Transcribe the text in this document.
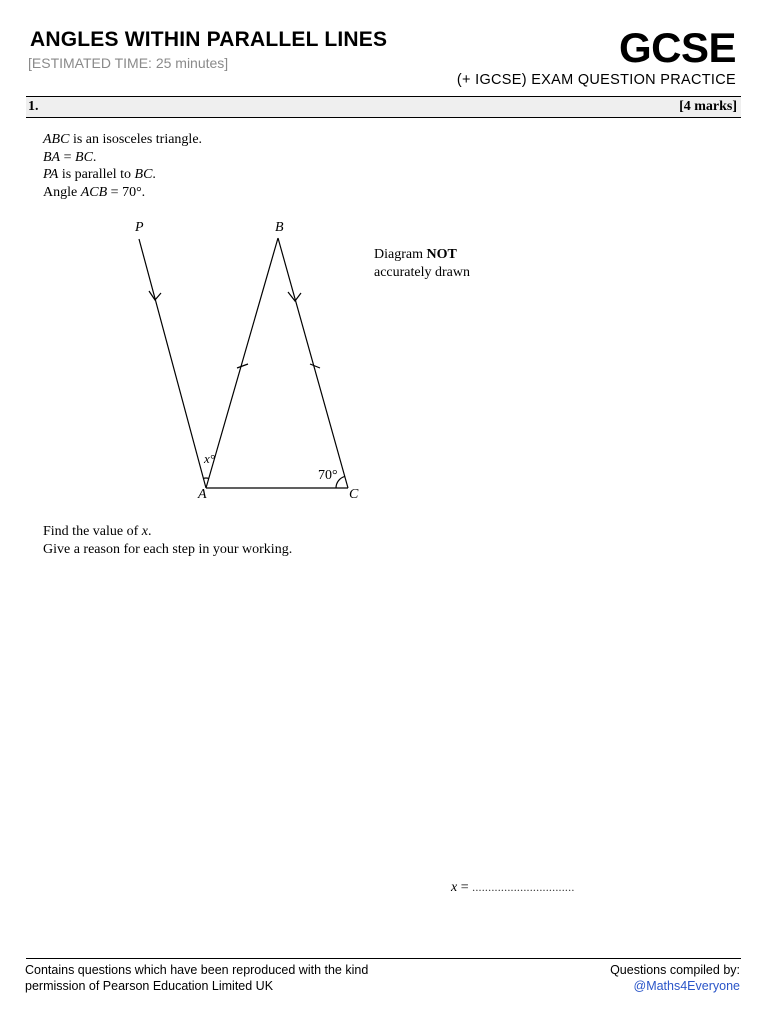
ANGLES WITHIN PARALLEL LINES
[ESTIMATED TIME: 25 minutes]	GCSE
(+ IGCSE) EXAM QUESTION PRACTICE
1.	[4 marks]
ABC is an isosceles triangle.
BA = BC.
PA is parallel to BC.
Angle ACB = 70°.
P	B
A	C
x°
70°
Diagram NOT
accurately drawn
Find the value of x.
Give a reason for each step in your working.
x = ................................
Contains questions which have been reproduced with the kind
permission of Pearson Education Limited UK
Questions compiled by:
@Maths4Everyone
